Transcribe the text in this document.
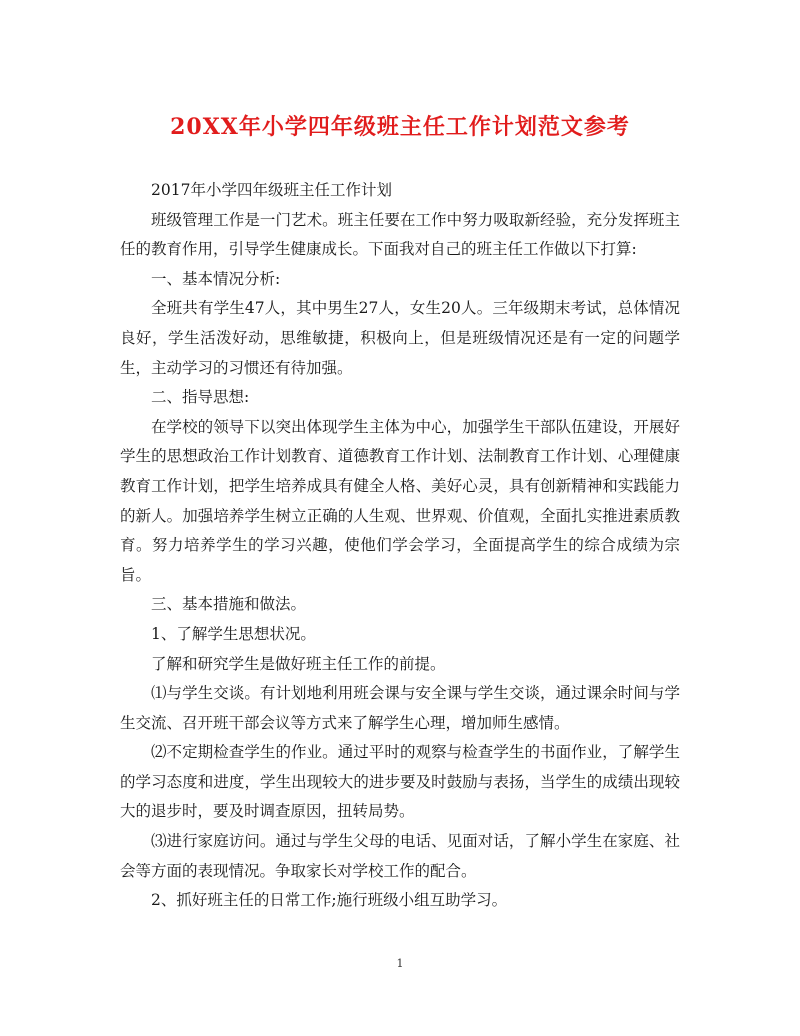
20XX年小学四年级班主任工作计划范文参考

2017年小学四年级班主任工作计划

班级管理工作是一门艺术。班主任要在工作中努力吸取新经验，充分发挥班主任的教育作用，引导学生健康成长。下面我对自己的班主任工作做以下打算:

一、基本情况分析:

全班共有学生47人，其中男生27人，女生20人。三年级期末考试，总体情况良好，学生活泼好动，思维敏捷，积极向上，但是班级情况还是有一定的问题学生，主动学习的习惯还有待加强。

二、指导思想:

在学校的领导下以突出体现学生主体为中心，加强学生干部队伍建设，开展好学生的思想政治工作计划教育、道德教育工作计划、法制教育工作计划、心理健康教育工作计划，把学生培养成具有健全人格、美好心灵，具有创新精神和实践能力的新人。加强培养学生树立正确的人生观、世界观、价值观，全面扎实推进素质教育。努力培养学生的学习兴趣，使他们学会学习，全面提高学生的综合成绩为宗旨。

三、基本措施和做法。

1、了解学生思想状况。

了解和研究学生是做好班主任工作的前提。

⑴与学生交谈。有计划地利用班会课与安全课与学生交谈，通过课余时间与学生交流、召开班干部会议等方式来了解学生心理，增加师生感情。

⑵不定期检查学生的作业。通过平时的观察与检查学生的书面作业，了解学生的学习态度和进度，学生出现较大的进步要及时鼓励与表扬，当学生的成绩出现较大的退步时，要及时调查原因，扭转局势。

⑶进行家庭访问。通过与学生父母的电话、见面对话，了解小学生在家庭、社会等方面的表现情况。争取家长对学校工作的配合。

2、抓好班主任的日常工作;施行班级小组互助学习。

1
